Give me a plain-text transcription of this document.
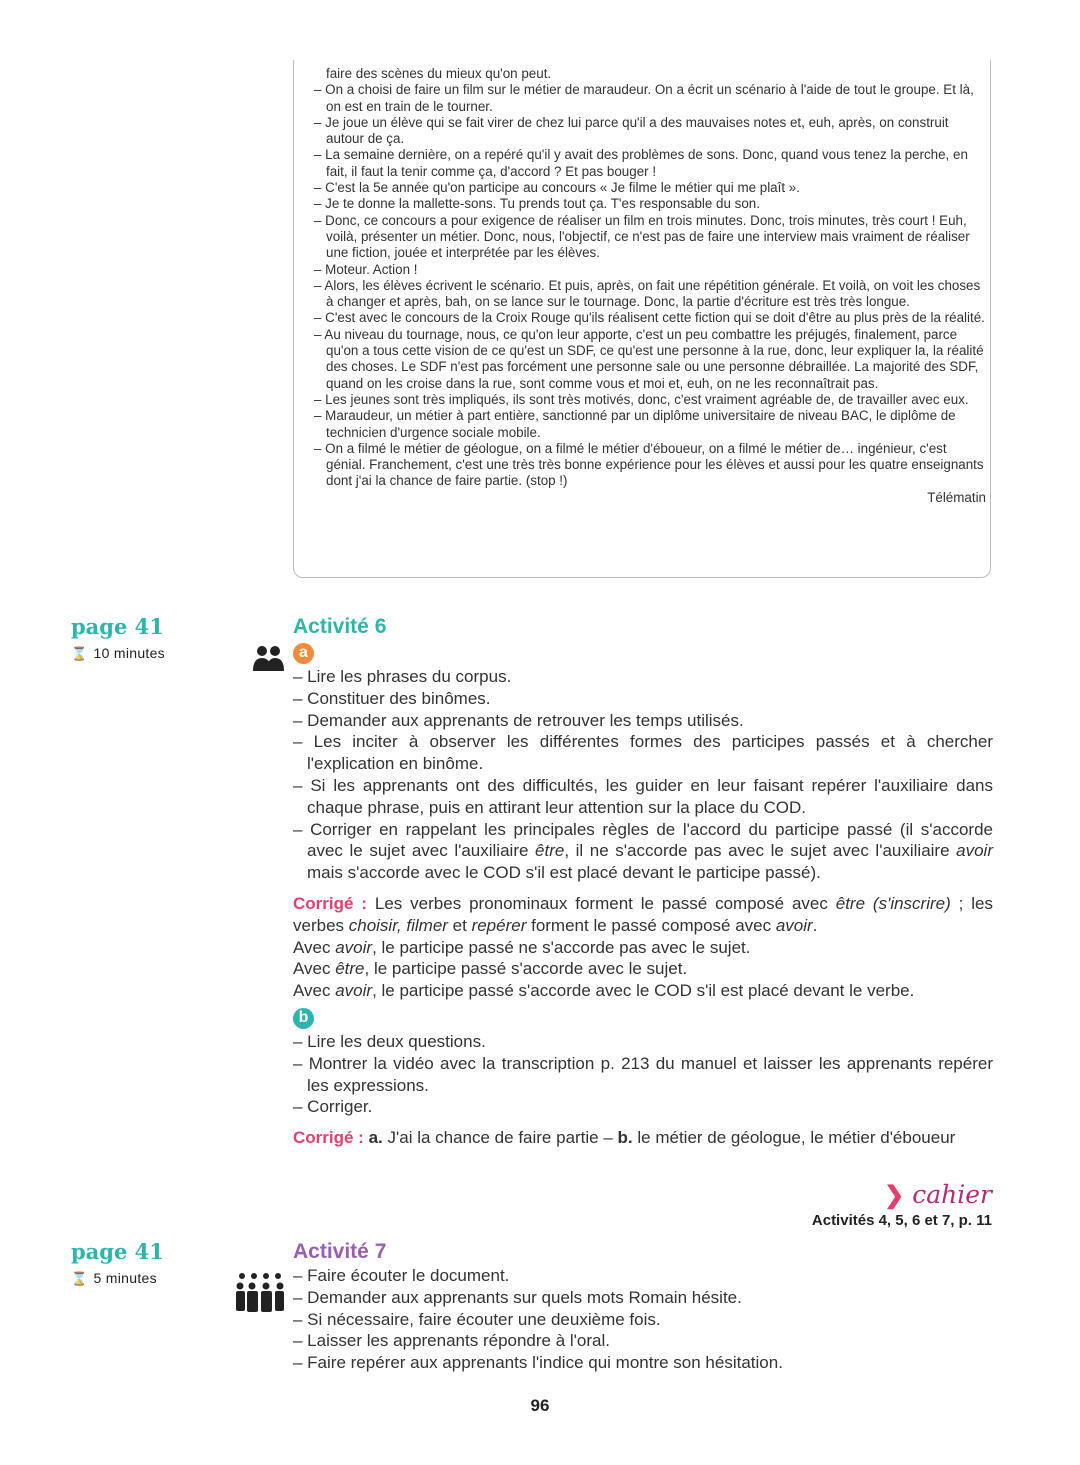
faire des scènes du mieux qu'on peut.
– On a choisi de faire un film sur le métier de maraudeur. On a écrit un scénario à l'aide de tout le groupe. Et là, on est en train de le tourner.
– Je joue un élève qui se fait virer de chez lui parce qu'il a des mauvaises notes et, euh, après, on construit autour de ça.
– La semaine dernière, on a repéré qu'il y avait des problèmes de sons. Donc, quand vous tenez la perche, en fait, il faut la tenir comme ça, d'accord ? Et pas bouger !
– C'est la 5e année qu'on participe au concours « Je filme le métier qui me plaît ».
– Je te donne la mallette-sons. Tu prends tout ça. T'es responsable du son.
– Donc, ce concours a pour exigence de réaliser un film en trois minutes. Donc, trois minutes, très court ! Euh, voilà, présenter un métier. Donc, nous, l'objectif, ce n'est pas de faire une interview mais vraiment de réaliser une fiction, jouée et interprétée par les élèves.
– Moteur. Action !
– Alors, les élèves écrivent le scénario. Et puis, après, on fait une répétition générale. Et voilà, on voit les choses à changer et après, bah, on se lance sur le tournage. Donc, la partie d'écriture est très très longue.
– C'est avec le concours de la Croix Rouge qu'ils réalisent cette fiction qui se doit d'être au plus près de la réalité.
– Au niveau du tournage, nous, ce qu'on leur apporte, c'est un peu combattre les préjugés, finalement, parce qu'on a tous cette vision de ce qu'est un SDF, ce qu'est une personne à la rue, donc, leur expliquer la, la réalité des choses. Le SDF n'est pas forcément une personne sale ou une personne débraillée. La majorité des SDF, quand on les croise dans la rue, sont comme vous et moi et, euh, on ne les reconnaîtrait pas.
– Les jeunes sont très impliqués, ils sont très motivés, donc, c'est vraiment agréable de, de travailler avec eux.
– Maraudeur, un métier à part entière, sanctionné par un diplôme universitaire de niveau BAC, le diplôme de technicien d'urgence sociale mobile.
– On a filmé le métier de géologue, on a filmé le métier d'éboueur, on a filmé le métier de… ingénieur, c'est génial. Franchement, c'est une très très bonne expérience pour les élèves et aussi pour les quatre enseignants dont j'ai la chance de faire partie. (stop !)
Télématin
page 41
⌛ 10 minutes
Activité 6
a
– Lire les phrases du corpus.
– Constituer des binômes.
– Demander aux apprenants de retrouver les temps utilisés.
– Les inciter à observer les différentes formes des participes passés et à chercher l'explication en binôme.
– Si les apprenants ont des difficultés, les guider en leur faisant repérer l'auxiliaire dans chaque phrase, puis en attirant leur attention sur la place du COD.
– Corriger en rappelant les principales règles de l'accord du participe passé (il s'accorde avec le sujet avec l'auxiliaire être, il ne s'accorde pas avec le sujet avec l'auxiliaire avoir mais s'accorde avec le COD s'il est placé devant le participe passé).
Corrigé : Les verbes pronominaux forment le passé composé avec être (s'inscrire) ; les verbes choisir, filmer et repérer forment le passé composé avec avoir.
Avec avoir, le participe passé ne s'accorde pas avec le sujet.
Avec être, le participe passé s'accorde avec le sujet.
Avec avoir, le participe passé s'accorde avec le COD s'il est placé devant le verbe.
b
– Lire les deux questions.
– Montrer la vidéo avec la transcription p. 213 du manuel et laisser les apprenants repérer les expressions.
– Corriger.
Corrigé : a. J'ai la chance de faire partie – b. le métier de géologue, le métier d'éboueur
❯ cahier
Activités 4, 5, 6 et 7, p. 11
page 41
⌛ 5 minutes
Activité 7
– Faire écouter le document.
– Demander aux apprenants sur quels mots Romain hésite.
– Si nécessaire, faire écouter une deuxième fois.
– Laisser les apprenants répondre à l'oral.
– Faire repérer aux apprenants l'indice qui montre son hésitation.
96
